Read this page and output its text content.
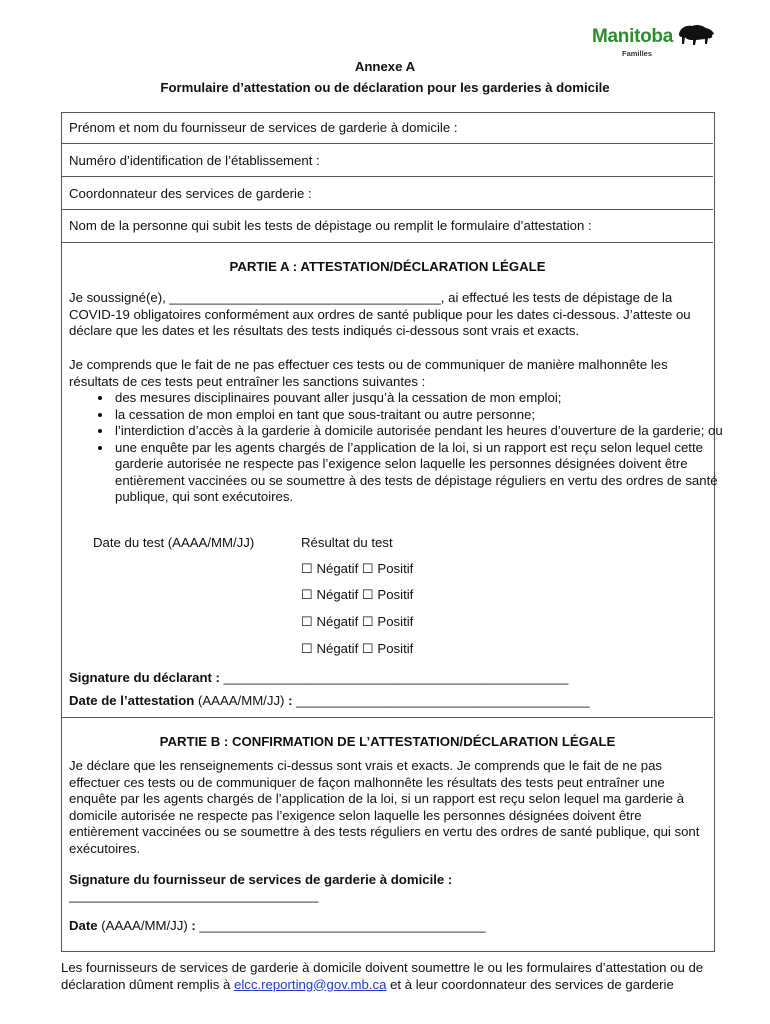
Manitoba
Familles
Annexe A
Formulaire d’attestation ou de déclaration pour les garderies à domicile
Prénom et nom du fournisseur de services de garderie à domicile :
Numéro d’identification de l’établissement :
Coordonnateur des services de garderie :
Nom de la personne qui subit les tests de dépistage ou remplit le formulaire d’attestation :
PARTIE A : ATTESTATION/DÉCLARATION LÉGALE
Je soussigné(e), _____________________________________, ai effectué les tests de dépistage de la COVID-19 obligatoires conformément aux ordres de santé publique pour les dates ci-dessous. J’atteste ou déclare que les dates et les résultats des tests indiqués ci-dessous sont vrais et exacts.
Je comprends que le fait de ne pas effectuer ces tests ou de communiquer de manière malhonnête les résultats de ces tests peut entraîner les sanctions suivantes :
• des mesures disciplinaires pouvant aller jusqu’à la cessation de mon emploi;
• la cessation de mon emploi en tant que sous-traitant ou autre personne;
• l’interdiction d’accès à la garderie à domicile autorisée pendant les heures d’ouverture de la garderie; ou
• une enquête par les agents chargés de l’application de la loi, si un rapport est reçu selon lequel cette garderie autorisée ne respecte pas l’exigence selon laquelle les personnes désignées doivent être entièrement vaccinées ou se soumettre à des tests de dépistage réguliers en vertu des ordres de santé publique, qui sont exécutoires.
Date du test (AAAA/MM/JJ)	Résultat du test
☐ Négatif ☐ Positif
☐ Négatif ☐ Positif
☐ Négatif ☐ Positif
☐ Négatif ☐ Positif
Signature du déclarant : _______________________________________________
Date de l’attestation (AAAA/MM/JJ) : ________________________________________
PARTIE B : CONFIRMATION DE L’ATTESTATION/DÉCLARATION LÉGALE
Je déclare que les renseignements ci-dessus sont vrais et exacts. Je comprends que le fait de ne pas effectuer ces tests ou de communiquer de façon malhonnête les résultats des tests peut entraîner une enquête par les agents chargés de l’application de la loi, si un rapport est reçu selon lequel ma garderie à domicile autorisée ne respecte pas l’exigence selon laquelle les personnes désignées doivent être entièrement vaccinées ou se soumettre à des tests réguliers en vertu des ordres de santé publique, qui sont exécutoires.
Signature du fournisseur de services de garderie à domicile :
__________________________________
Date (AAAA/MM/JJ) : _______________________________________
Les fournisseurs de services de garderie à domicile doivent soumettre le ou les formulaires d’attestation ou de déclaration dûment remplis à elcc.reporting@gov.mb.ca et à leur coordonnateur des services de garderie
